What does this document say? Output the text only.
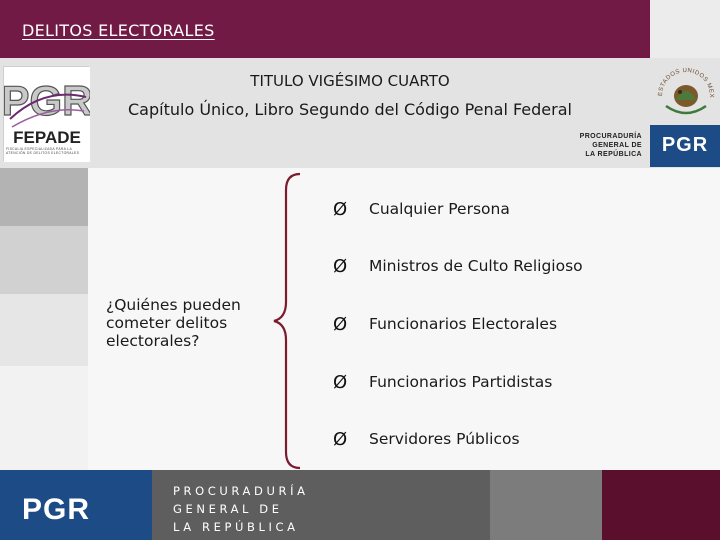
DELITOS ELECTORALES
PGR
FEPADE
FISCALÍA ESPECIALIZADA PARA LA ATENCIÓN DE DELITOS ELECTORALES
TITULO VIGÉSIMO CUARTO
Capítulo Único, Libro Segundo del Código Penal Federal
ESTADOS UNIDOS MEX
PROCURADURÍA
GENERAL DE
LA REPÚBLICA PGR
¿Quiénes pueden cometer delitos electorales?
Ø Cualquier Persona
Ø Ministros de Culto Religioso
Ø Funcionarios Electorales
Ø Funcionarios Partidistas
Ø Servidores Públicos
PGR
PROCURADURÍA
GENERAL DE
LA REPÚBLICA
